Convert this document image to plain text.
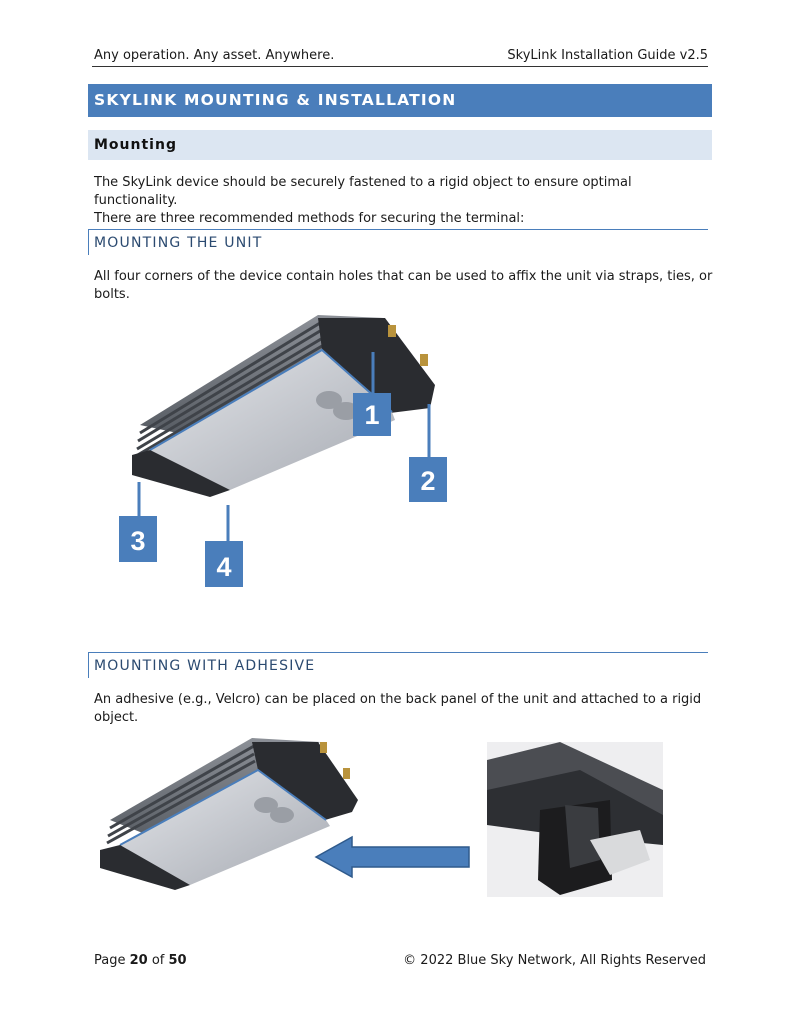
Any operation. Any asset. Anywhere.	SkyLink Installation Guide v2.5
SKYLINK MOUNTING & INSTALLATION
Mounting
The SkyLink device should be securely fastened to a rigid object to ensure optimal functionality.
There are three recommended methods for securing the terminal:
MOUNTING THE UNIT
All four corners of the device contain holes that can be used to affix the unit via straps, ties, or bolts.
1
2
3
4
MOUNTING WITH ADHESIVE
An adhesive (e.g., Velcro) can be placed on the back panel of the unit and attached to a rigid object.
Page 20 of 50	© 2022 Blue Sky Network, All Rights Reserved
